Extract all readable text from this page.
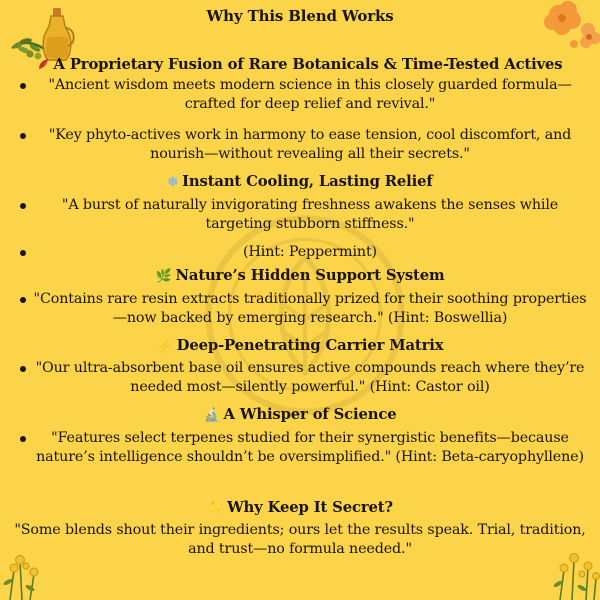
Why This Blend Works
A Proprietary Fusion of Rare Botanicals & Time-Tested Actives
"Ancient wisdom meets modern science in this closely guarded formula—crafted for deep relief and revival."
"Key phyto-actives work in harmony to ease tension, cool discomfort, and nourish—without revealing all their secrets."
❄ Instant Cooling, Lasting Relief
"A burst of naturally invigorating freshness awakens the senses while targeting stubborn stiffness."
(Hint: Peppermint)
🌿 Nature’s Hidden Support System
"Contains rare resin extracts traditionally prized for their soothing properties—now backed by emerging research." (Hint: Boswellia)
⚡ Deep-Penetrating Carrier Matrix
"Our ultra-absorbent base oil ensures active compounds reach where they’re needed most—silently powerful." (Hint: Castor oil)
🔬 A Whisper of Science
"Features select terpenes studied for their synergistic benefits—because nature’s intelligence shouldn’t be oversimplified." (Hint: Beta-caryophyllene)
✨ Why Keep It Secret?
"Some blends shout their ingredients; ours let the results speak. Trial, tradition, and trust—no formula needed."
